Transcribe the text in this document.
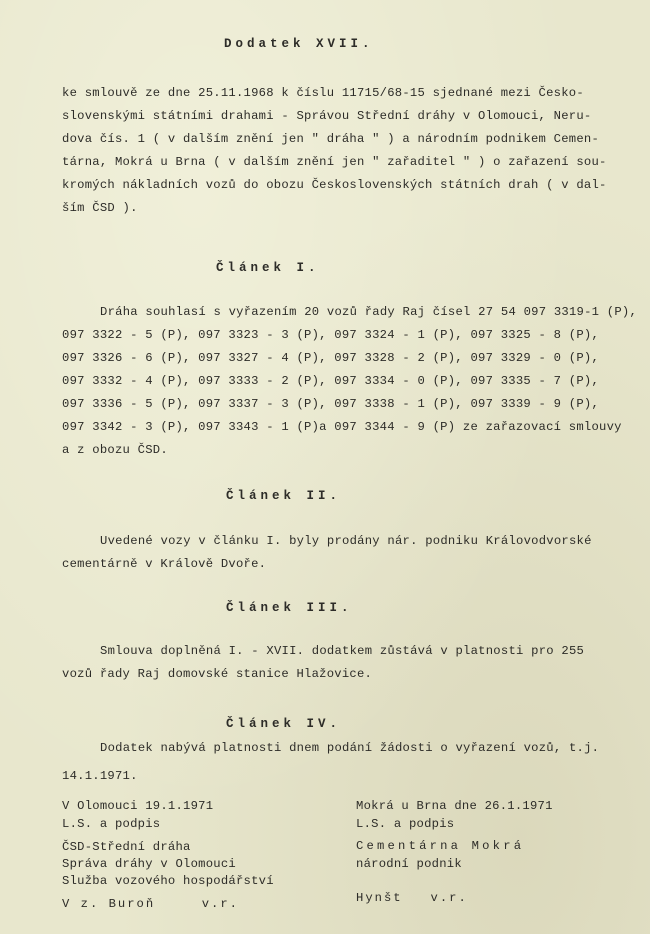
Dodatek XVII.
ke smlouvě ze dne 25.11.1968 k číslu 11715/68-15 sjednané mezi Česko-
slovenskými státními drahami - Správou Střední dráhy v Olomouci, Neru-
dova čís. 1 ( v dalším znění jen " dráha " ) a národním podnikem Cemen-
tárna, Mokrá u Brna ( v dalším znění jen " zařaditel " ) o zařazení sou-
kromých nákladních vozů do obozu Československých státních drah ( v dal-
ším ČSD ).
Článek I.
Dráha souhlasí s vyřazením 20 vozů řady Raj čísel 27 54 097 3319-1 (P),
097 3322 - 5 (P), 097 3323 - 3 (P), 097 3324 - 1 (P), 097 3325 - 8 (P),
097 3326 - 6 (P), 097 3327 - 4 (P), 097 3328 - 2 (P), 097 3329 - 0 (P),
097 3332 - 4 (P), 097 3333 - 2 (P), 097 3334 - 0 (P), 097 3335 - 7 (P),
097 3336 - 5 (P), 097 3337 - 3 (P), 097 3338 - 1 (P), 097 3339 - 9 (P),
097 3342 - 3 (P), 097 3343 - 1 (P)a 097 3344 - 9 (P) ze zařazovací smlouvy
a z obozu ČSD.
Článek II.
Uvedené vozy v článku I. byly prodány nár. podniku Královodvorské
cementárně v Králově Dvoře.
Článek III.
Smlouva doplněná I. - XVII. dodatkem zůstává v platnosti pro 255
vozů řady Raj domovské stanice Hlažovice.
Článek IV.
Dodatek nabývá platnosti dnem podání žádosti o vyřazení vozů, t.j.
14.1.1971.
V Olomouci 19.1.1971
L.S. a podpis
ČSD-Střední dráha
Správa dráhy v Olomouci
Služba vozového hospodářství
V z. Buroň     v.r.
Mokrá u Brna dne 26.1.1971
L.S. a podpis
Cementárna Mokrá
národní podnik
Hynšt   v.r.
